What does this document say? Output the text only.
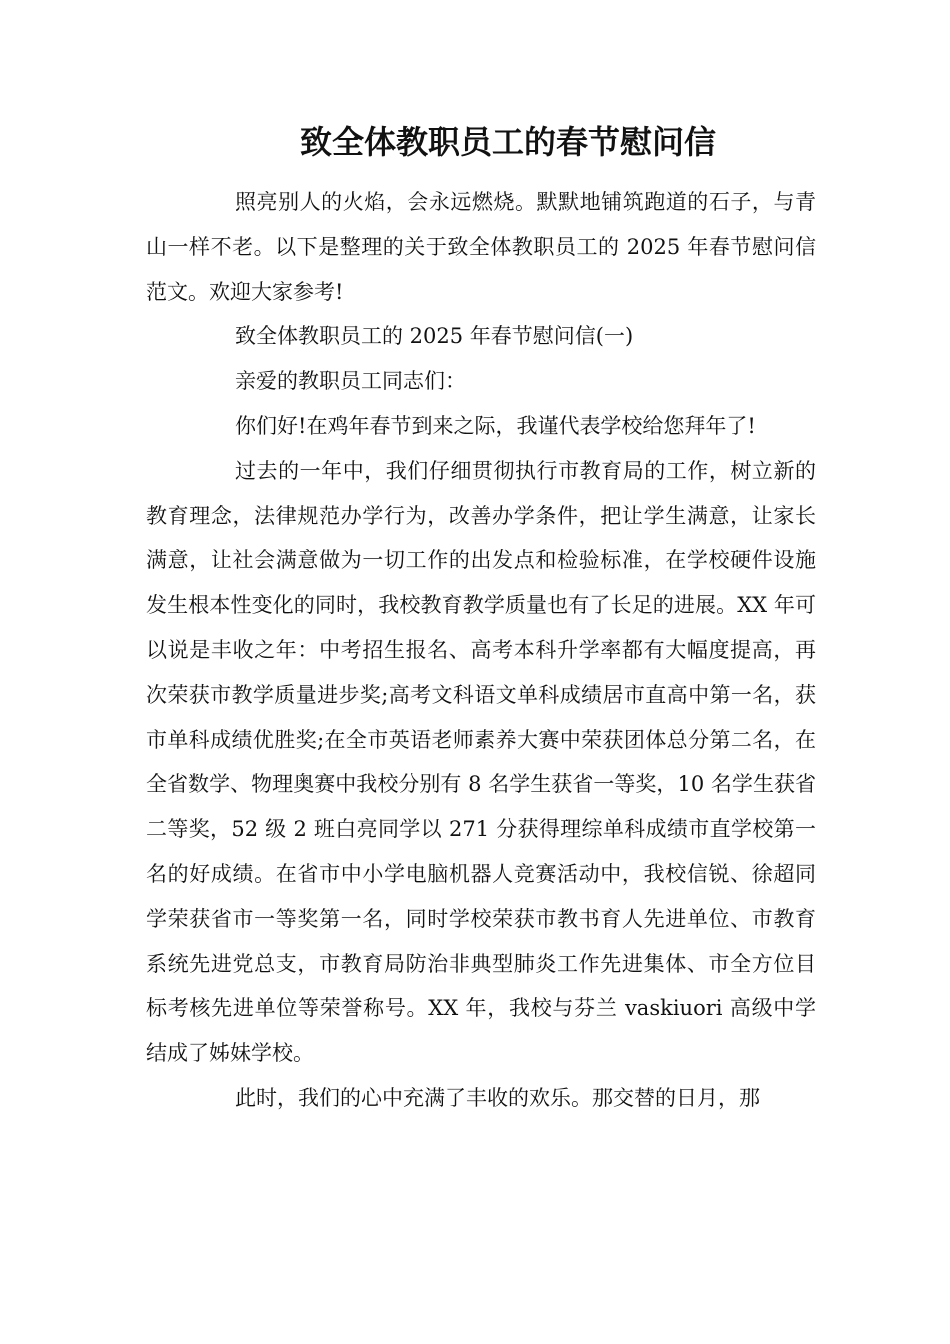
致全体教职员工的春节慰问信

照亮别人的火焰，会永远燃烧。默默地铺筑跑道的石子，与青山一样不老。以下是整理的关于致全体教职员工的 2025 年春节慰问信范文。欢迎大家参考!

致全体教职员工的 2025 年春节慰问信(一)

亲爱的教职员工同志们：

你们好!在鸡年春节到来之际，我谨代表学校给您拜年了!

过去的一年中，我们仔细贯彻执行市教育局的工作，树立新的教育理念，法律规范办学行为，改善办学条件，把让学生满意，让家长满意，让社会满意做为一切工作的出发点和检验标准，在学校硬件设施发生根本性变化的同时，我校教育教学质量也有了长足的进展。XX 年可以说是丰收之年：中考招生报名、高考本科升学率都有大幅度提高，再次荣获市教学质量进步奖;高考文科语文单科成绩居市直高中第一名，获市单科成绩优胜奖;在全市英语老师素养大赛中荣获团体总分第二名，在全省数学、物理奥赛中我校分别有 8 名学生获省一等奖，10 名学生获省二等奖，52 级 2 班白亮同学以 271 分获得理综单科成绩市直学校第一名的好成绩。在省市中小学电脑机器人竞赛活动中，我校信锐、徐超同学荣获省市一等奖第一名，同时学校荣获市教书育人先进单位、市教育系统先进党总支，市教育局防治非典型肺炎工作先进集体、市全方位目标考核先进单位等荣誉称号。XX 年，我校与芬兰 vaskiuori 高级中学结成了姊妹学校。

此时，我们的心中充满了丰收的欢乐。那交替的日月，那
